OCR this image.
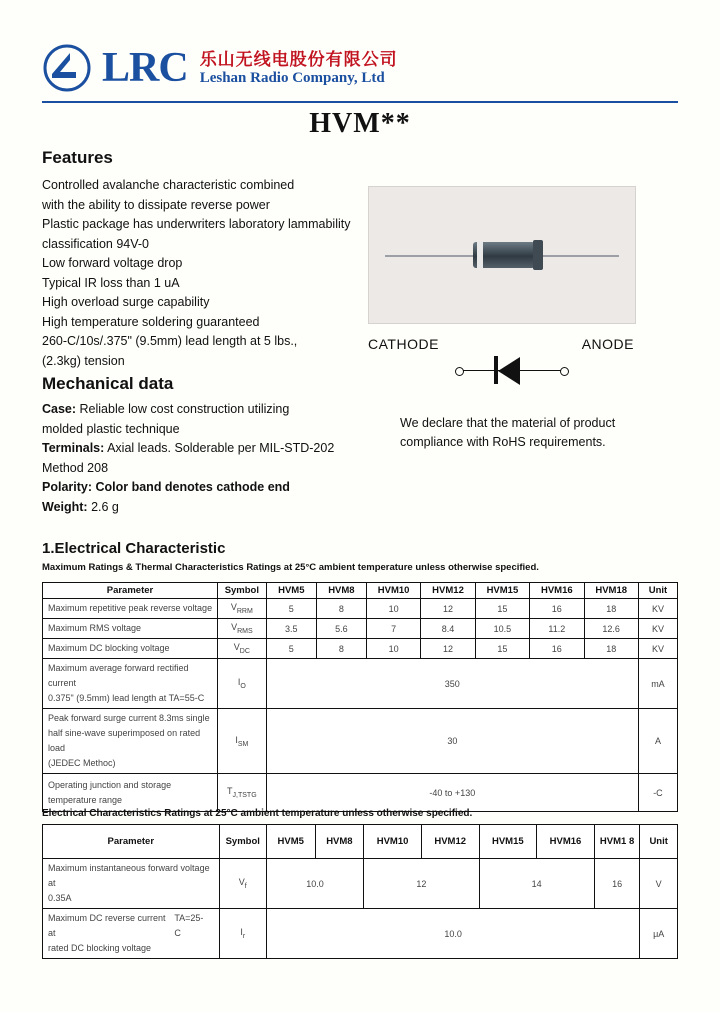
LRC 乐山无线电股份有限公司
Leshan Radio Company, Ltd
HVM**
Features
Controlled avalanche characteristic combined
with the ability to dissipate reverse power
Plastic package has underwriters laboratory lammability
classification 94V-0
Low forward voltage drop
Typical IR loss than 1 uA
High overload surge capability
High temperature soldering guaranteed
260-C/10s/.375" (9.5mm) lead length at 5 lbs.,
(2.3kg) tension
Mechanical data
Case: Reliable low cost construction utilizing
molded plastic technique
Terminals: Axial leads. Solderable per MIL-STD-202
Method 208
Polarity: Color band denotes cathode end
Weight: 2.6 g
CATHODE	ANODE
We declare that the material of product
compliance with RoHS requirements.
1.Electrical Characteristic
Maximum Ratings & Thermal Characteristics Ratings at 25°C ambient temperature unless otherwise specified.
Parameter	Symbol	HVM5	HVM8	HVM10	HVM12	HVM15	HVM16	HVM18	Unit
Maximum repetitive peak reverse voltage	$V_{RRM}$	5	8	10	12	15	16	18	KV
Maximum RMS voltage	$V_{RMS}$	3.5	5.6	7	8.4	10.5	11.2	12.6	KV
Maximum DC blocking voltage	$V_{DC}$	5	8	10	12	15	16	18	KV

Maximum average forward rectified current
0.375" (9.5mm) lead length at TA=55-C	$I_O$	350							mA

Peak forward surge current 8.3ms single
half sine-wave superimposed on rated load
(JEDEC Methoc)	$I_{SM}$	30							A

Operating junction and storage
temperature range	$T_{J,TSTG}$	-40 to +130							-C
Electrical Characteristics Ratings at 25°C ambient temperature unless otherwise specified.
Parameter	Symbol	HVM5	HVM8	HVM10	HVM12	HVM15	HVM16	HVM1 8	Unit

Maximum instantaneous forward voltage at
0.35A	$V_f$	10.0		12		14		16	V

Maximum DC reverse current at
TA=25-C
rated DC blocking voltage	$I_r$	10.0							μA
